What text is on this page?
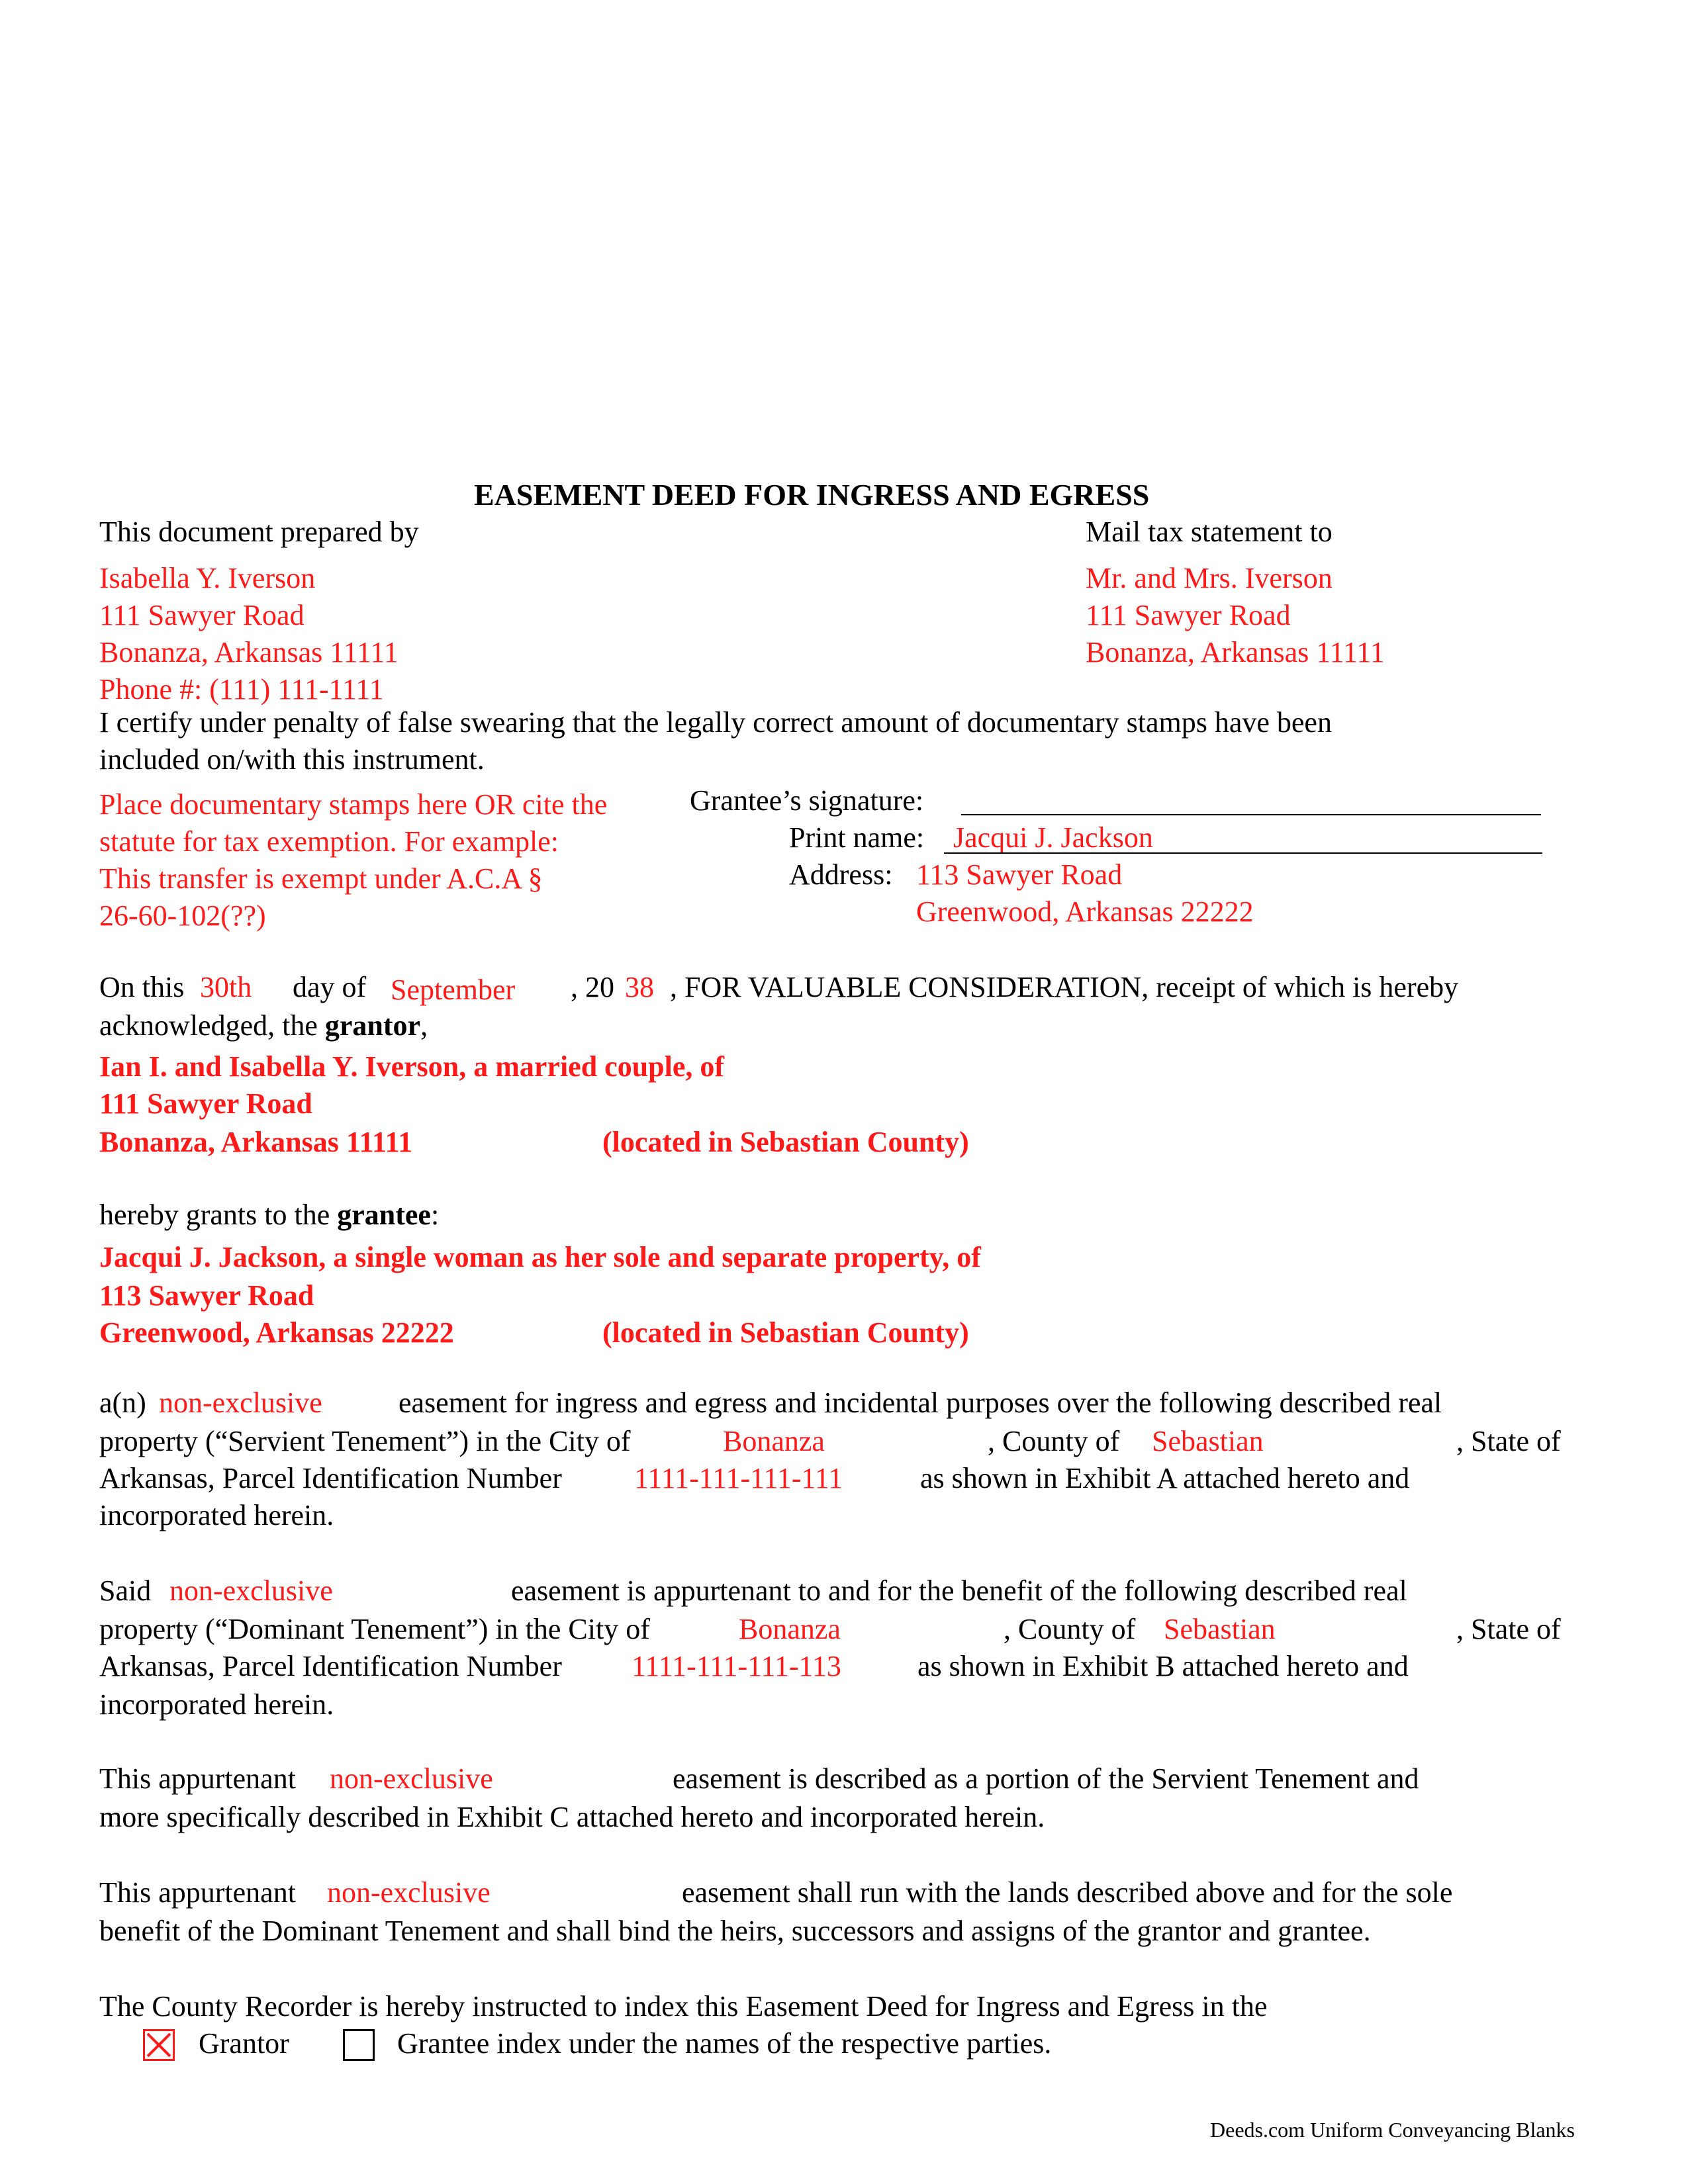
EASEMENT DEED FOR INGRESS AND EGRESS
This document prepared by
Isabella Y. Iverson
111 Sawyer Road
Bonanza, Arkansas 11111
Phone #: (111) 111-1111
Mail tax statement to
Mr. and Mrs. Iverson
111 Sawyer Road
Bonanza, Arkansas 11111
I certify under penalty of false swearing that the legally correct amount of documentary stamps have been
included on/with this instrument.
Place documentary stamps here OR cite the
statute for tax exemption. For example:
This transfer is exempt under A.C.A §
26-60-102(??)
Grantee’s signature:
Print name: Jacqui J. Jackson
Address: 113 Sawyer Road
Greenwood, Arkansas 22222
On this 30th day of September , 20 38 , FOR VALUABLE CONSIDERATION, receipt of which is hereby
acknowledged, the grantor,
Ian I. and Isabella Y. Iverson, a married couple, of
111 Sawyer Road
Bonanza, Arkansas 11111	(located in Sebastian County)
hereby grants to the grantee:
Jacqui J. Jackson, a single woman as her sole and separate property, of
113 Sawyer Road
Greenwood, Arkansas 22222	(located in Sebastian County)
a(n) non-exclusive	easement for ingress and egress and incidental purposes over the following described real
property (“Servient Tenement”) in the City of	Bonanza	, County of Sebastian	, State of
Arkansas, Parcel Identification Number 1111-111-111-111	as shown in Exhibit A attached hereto and
incorporated herein.
Said non-exclusive	easement is appurtenant to and for the benefit of the following described real
property (“Dominant Tenement”) in the City of	Bonanza	, County of Sebastian	, State of
Arkansas, Parcel Identification Number 1111-111-111-113	as shown in Exhibit B attached hereto and
incorporated herein.
This appurtenant non-exclusive	easement is described as a portion of the Servient Tenement and
more specifically described in Exhibit C attached hereto and incorporated herein.
This appurtenant non-exclusive	easement shall run with the lands described above and for the sole
benefit of the Dominant Tenement and shall bind the heirs, successors and assigns of the grantor and grantee.
The County Recorder is hereby instructed to index this Easement Deed for Ingress and Egress in the
Grantor	Grantee index under the names of the respective parties.
Deeds.com Uniform Conveyancing Blanks
